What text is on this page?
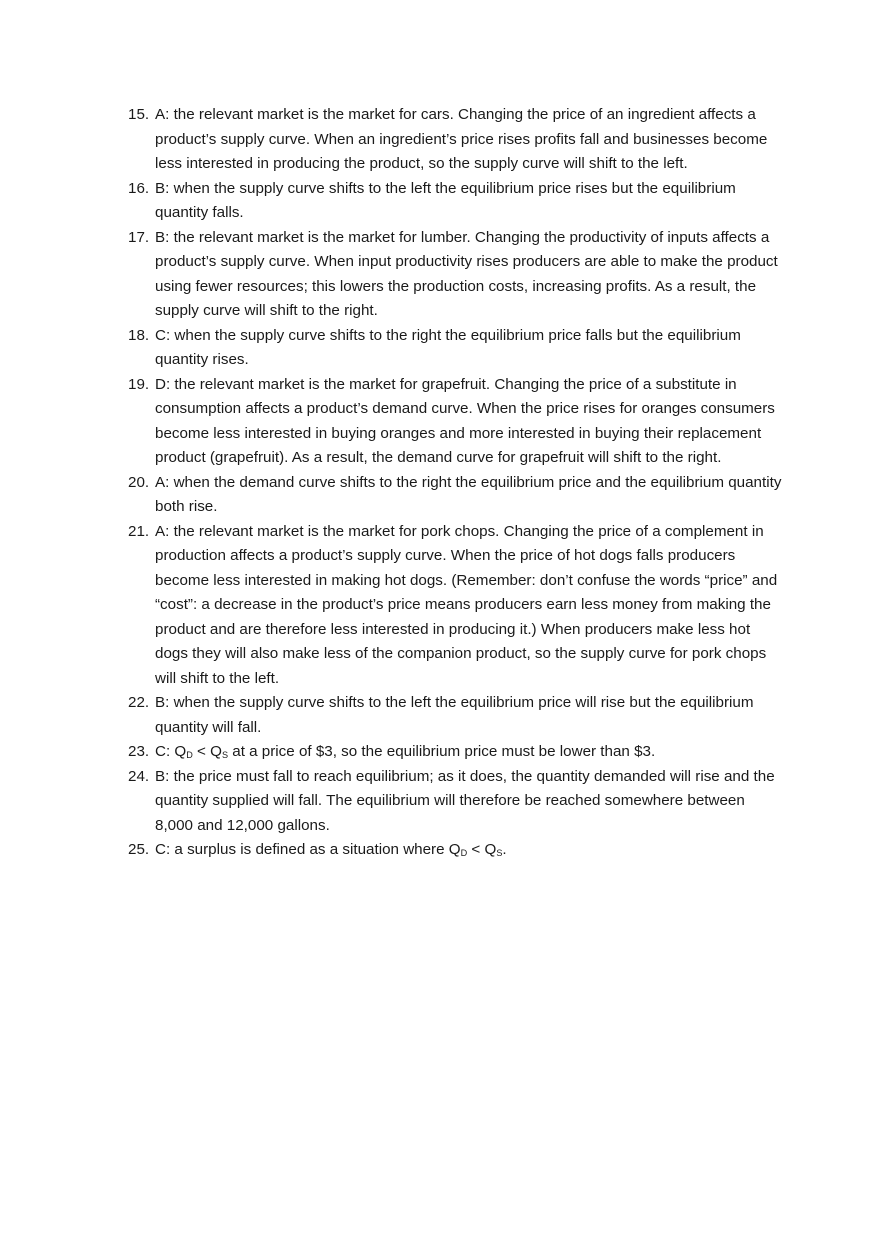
15. A: the relevant market is the market for cars. Changing the price of an ingredient affects a product’s supply curve. When an ingredient’s price rises profits fall and businesses become less interested in producing the product, so the supply curve will shift to the left.
16. B: when the supply curve shifts to the left the equilibrium price rises but the equilibrium quantity falls.
17. B: the relevant market is the market for lumber. Changing the productivity of inputs affects a product’s supply curve. When input productivity rises producers are able to make the product using fewer resources; this lowers the production costs, increasing profits. As a result, the supply curve will shift to the right.
18. C: when the supply curve shifts to the right the equilibrium price falls but the equilibrium quantity rises.
19. D: the relevant market is the market for grapefruit. Changing the price of a substitute in consumption affects a product’s demand curve. When the price rises for oranges consumers become less interested in buying oranges and more interested in buying their replacement product (grapefruit). As a result, the demand curve for grapefruit will shift to the right.
20. A: when the demand curve shifts to the right the equilibrium price and the equilibrium quantity both rise.
21. A: the relevant market is the market for pork chops. Changing the price of a complement in production affects a product’s supply curve. When the price of hot dogs falls producers become less interested in making hot dogs. (Remember: don’t confuse the words “price” and “cost”: a decrease in the product’s price means producers earn less money from making the product and are therefore less interested in producing it.) When producers make less hot dogs they will also make less of the companion product, so the supply curve for pork chops will shift to the left.
22. B: when the supply curve shifts to the left the equilibrium price will rise but the equilibrium quantity will fall.
23. C: $Q_D < Q_S$ at a price of $3, so the equilibrium price must be lower than $3.
24. B: the price must fall to reach equilibrium; as it does, the quantity demanded will rise and the quantity supplied will fall. The equilibrium will therefore be reached somewhere between 8,000 and 12,000 gallons.
25. C: a surplus is defined as a situation where $Q_D < Q_S$.
